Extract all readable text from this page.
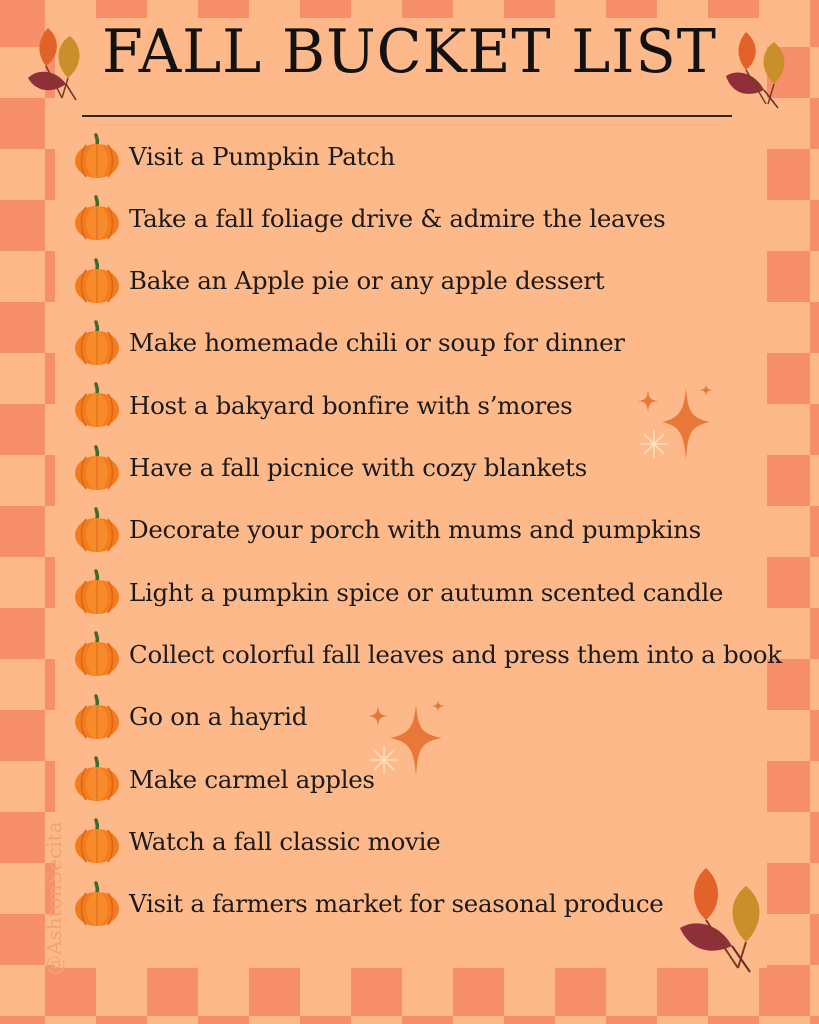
FALL BUCKET LIST
Visit a Pumpkin Patch
Take a fall foliage drive & admire the leaves
Bake an Apple pie or any apple dessert
Make homemade chili or soup for dinner
Host a bakyard bonfire with s’mores
Have a fall picnice with cozy blankets
Decorate your porch with mums and pumpkins
Light a pumpkin spice or autumn scented candle
Collect colorful fall leaves and press them into a book
Go on a hayrid
Make carmel apples
Watch a fall classic movie
Visit a farmers market for seasonal produce
@AshtonSecita
